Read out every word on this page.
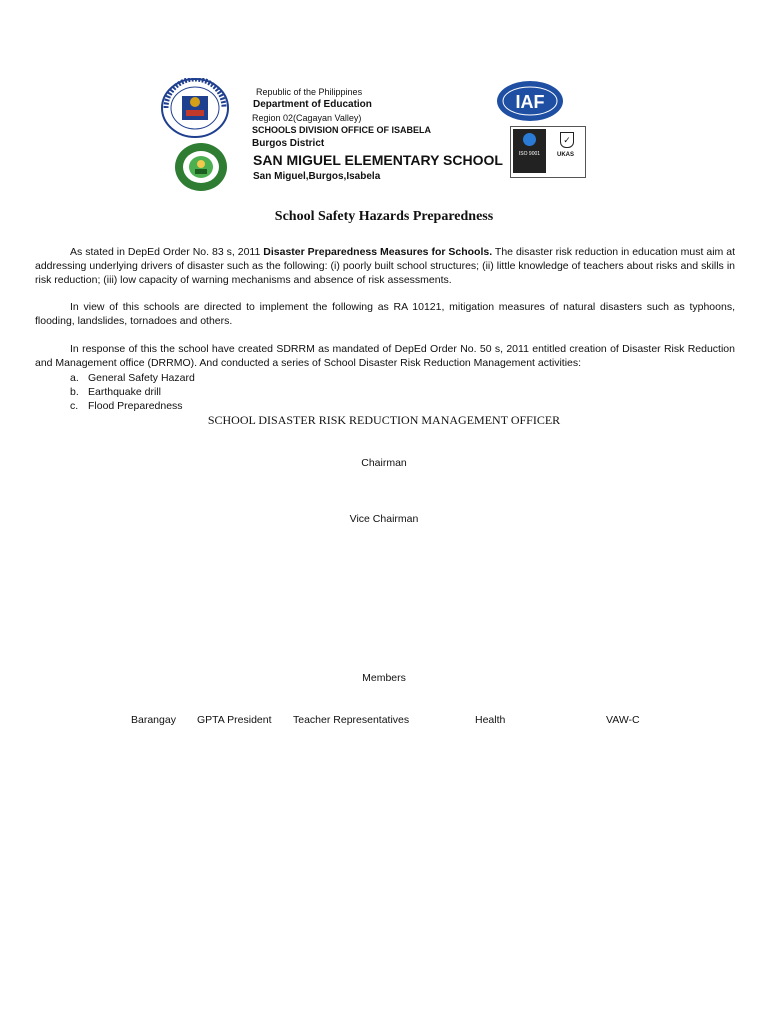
IAF
ISO 9001
✓
UKAS
Republic of the Philippines
Department of Education
Region 02(Cagayan Valley)
SCHOOLS DIVISION OFFICE OF ISABELA
Burgos District
SAN MIGUEL ELEMENTARY SCHOOL
San Miguel,Burgos,Isabela
School Safety Hazards Preparedness
As stated in DepEd Order No. 83 s, 2011 Disaster Preparedness Measures for Schools. The disaster risk reduction in education must aim at addressing underlying drivers of disaster such as the following: (i) poorly built school structures; (ii) little knowledge of teachers about risks and skills in risk reduction; (iii) low capacity of warning mechanisms and absence of risk assessments.
In view of this schools are directed to implement the following as RA 10121, mitigation measures of natural disasters such as typhoons, flooding, landslides, tornadoes and others.
In response of this the school have created SDRRM as mandated of DepEd Order No. 50 s, 2011 entitled creation of Disaster Risk Reduction and Management office (DRRMO). And conducted a series of School Disaster Risk Reduction Management activities:
a. General Safety Hazard
b. Earthquake drill
c. Flood Preparedness
SCHOOL DISASTER RISK REDUCTION MANAGEMENT OFFICER
Chairman
Vice Chairman
Members
Barangay GPTA President Teacher Representatives	Health	VAW-C
